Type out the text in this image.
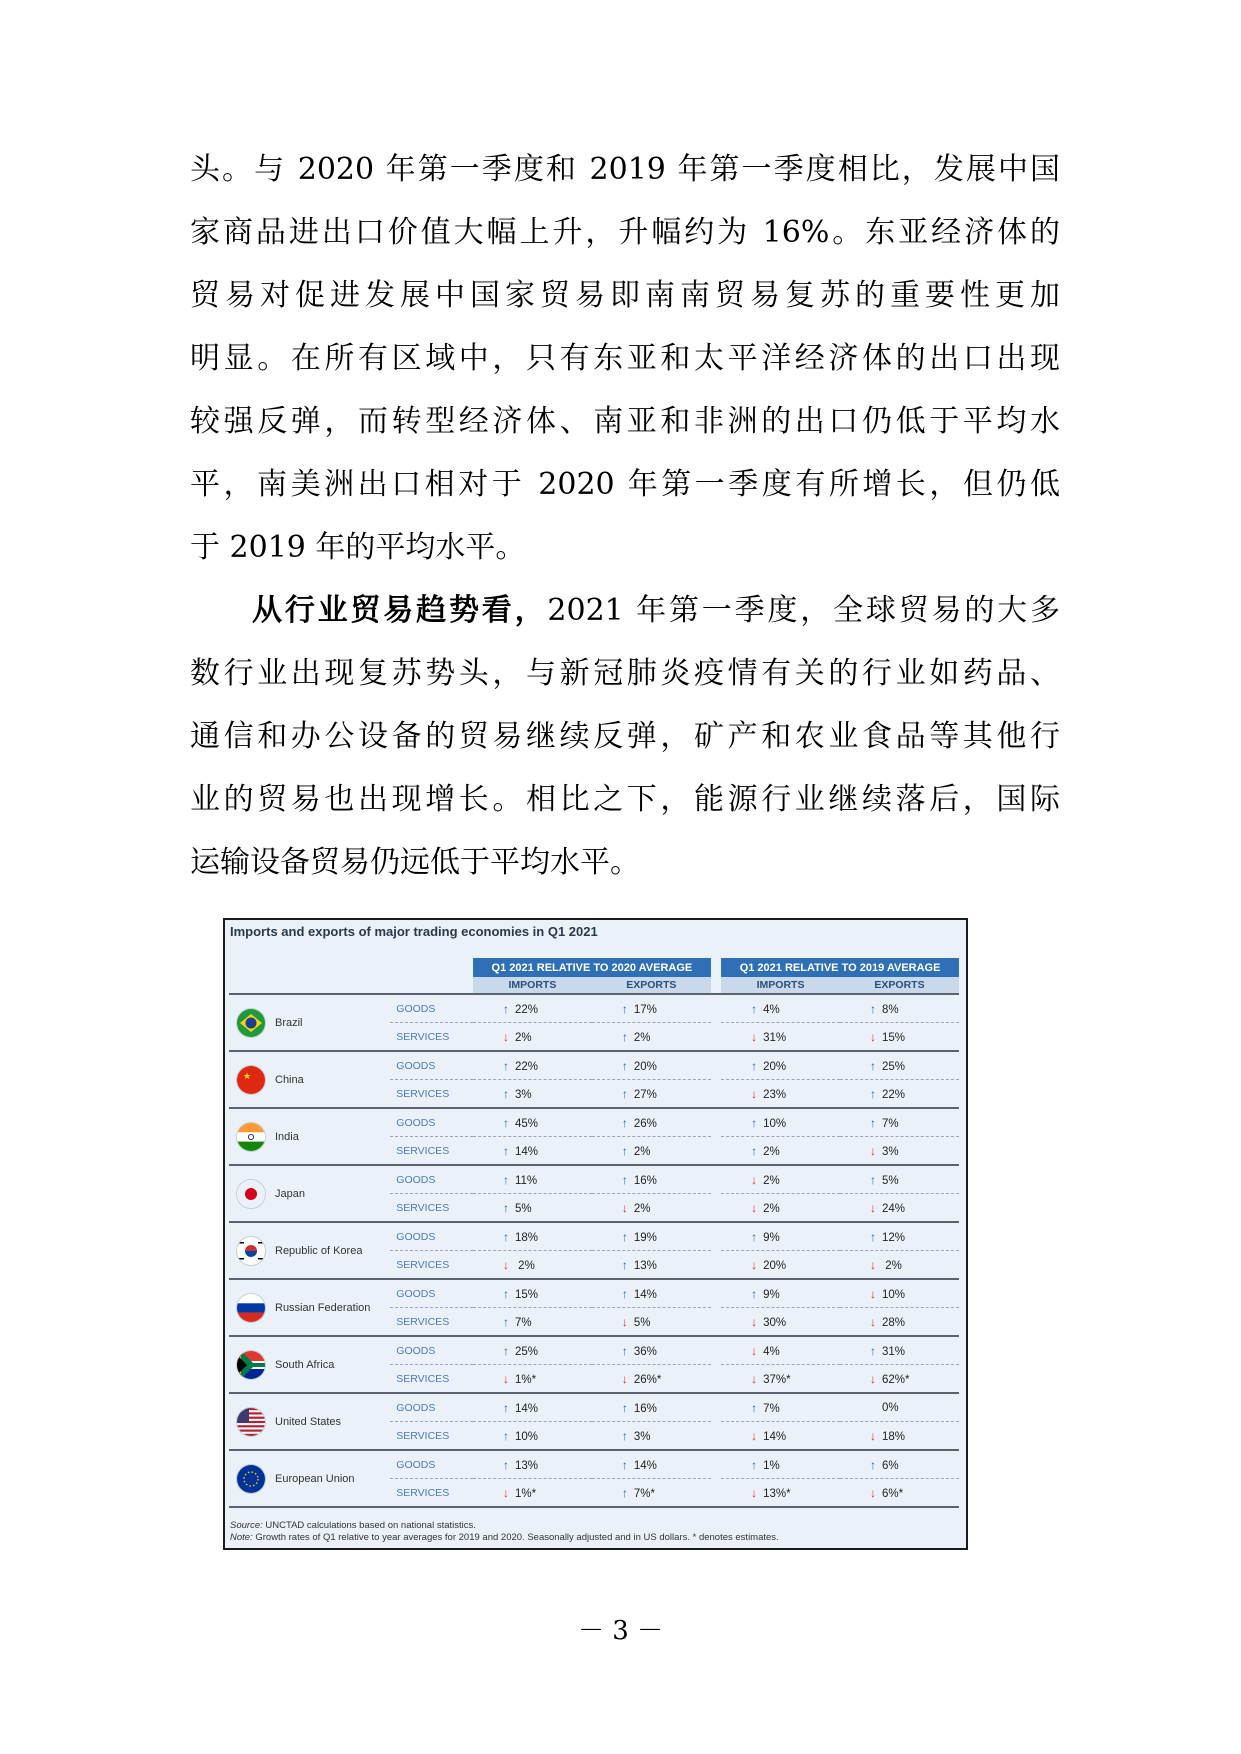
头。与 2020 年第一季度和 2019 年第一季度相比，发展中国
家商品进出口价值大幅上升，升幅约为 16%。东亚经济体的
贸易对促进发展中国家贸易即南南贸易复苏的重要性更加
明显。在所有区域中，只有东亚和太平洋经济体的出口出现
较强反弹，而转型经济体、南亚和非洲的出口仍低于平均水
平，南美洲出口相对于 2020 年第一季度有所增长，但仍低
于 2019 年的平均水平。
从行业贸易趋势看，2021 年第一季度，全球贸易的大多
数行业出现复苏势头，与新冠肺炎疫情有关的行业如药品、
通信和办公设备的贸易继续反弹，矿产和农业食品等其他行
业的贸易也出现增长。相比之下，能源行业继续落后，国际
运输设备贸易仍远低于平均水平。
Imports and exports of major trading economies in Q1 2021
		Q1 2021 RELATIVE TO 2020 AVERAGE			Q1 2021 RELATIVE TO 2019 AVERAGE	
		IMPORTS	EXPORTS		IMPORTS	EXPORTS

Brazil	GOODS	↑ 22%	↑ 17%		↑ 4%	↑ 8%
	SERVICES	↓ 2%	↑ 2%		↓ 31%	↓ 15%

★ China	GOODS	↑ 22%	↑ 20%		↑ 20%	↑ 25%
	SERVICES	↑ 3%	↑ 27%		↓ 23%	↑ 22%

India	GOODS	↑ 45%	↑ 26%		↑ 10%	↑ 7%
	SERVICES	↑ 14%	↑ 2%		↑ 2%	↓ 3%

Japan	GOODS	↑ 11%	↑ 16%		↓ 2%	↑ 5%
	SERVICES	↑ 5%	↓ 2%		↓ 2%	↓ 24%

Republic of Korea	GOODS	↑ 18%	↑ 19%		↑ 9%	↑ 12%
	SERVICES	↓ 2%	↑ 13%		↓ 20%	↓ 2%

Russian Federation	GOODS	↑ 15%	↑ 14%		↑ 9%	↓ 10%
	SERVICES	↑ 7%	↓ 5%		↓ 30%	↓ 28%

South Africa	GOODS	↑ 25%	↑ 36%		↓ 4%	↑ 31%
	SERVICES	↓ 1%*	↓ 26%*		↓ 37%*	↓ 62%*

United States	GOODS	↑ 14%	↑ 16%		↑ 7%	0%
	SERVICES	↑ 10%	↑ 3%		↓ 14%	↓ 18%

European Union	GOODS	↑ 13%	↑ 14%		↑ 1%	↑ 6%
	SERVICES	↓ 1%*	↑ 7%*		↓ 13%*	↓ 6%*

Source: UNCTAD calculations based on national statistics.
Note: Growth rates of Q1 relative to year averages for 2019 and 2020. Seasonally adjusted and in US dollars. * denotes estimates.
－ 3 －
